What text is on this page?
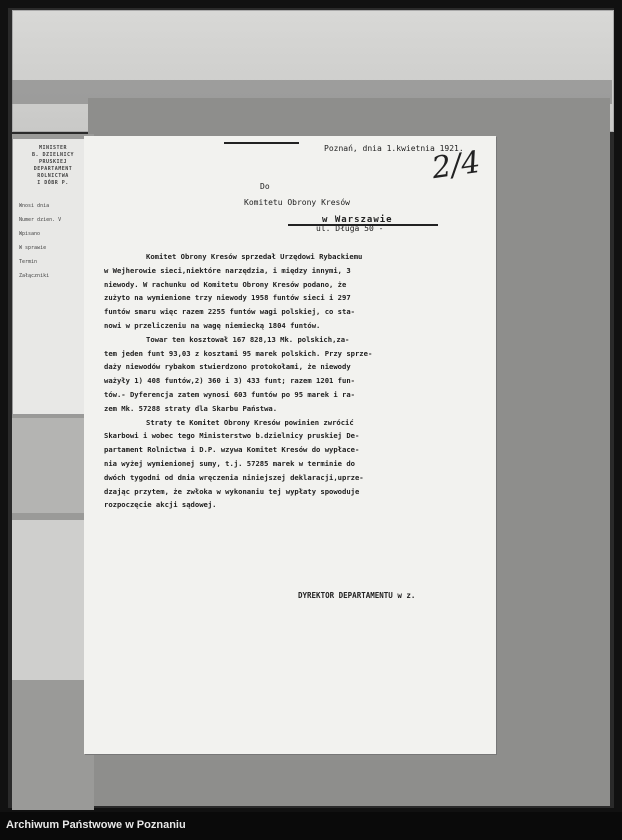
MINISTER
B. DZIELNICY
PRUSKIEJ
DEPARTAMENT
ROLNICTWA
I DÓBR P.
Wnosi dnia
Numer dzien. V
Wpisano
W sprawie
Termin
Załączniki
Poznań, dnia 1.kwietnia 1921.
2/4
Do
Komitetu Obrony Kresów
w Warszawie
ul. Długa 50 -
Komitet Obrony Kresów sprzedał Urzędowi Rybackiemu
w Wejherowie sieci,niektóre narzędzia, i między innymi, 3
niewody. W rachunku od Komitetu Obrony Kresów podano, że
zużyto na wymienione trzy niewody 1958 funtów sieci i 297
funtów smaru więc razem 2255 funtów wagi polskiej, co sta-
nowi w przeliczeniu na wagę niemiecką 1804 funtów.
Towar ten kosztował 167 828,13 Mk. polskich,za-
tem jeden funt 93,03 z kosztami 95 marek polskich. Przy sprze-
daży niewodów rybakom stwierdzono protokołami, że niewody
ważyły 1) 408 funtów,2) 360 i 3) 433 funt; razem 1201 fun-
tów.- Dyferencja zatem wynosi 603 funtów po 95 marek i ra-
zem Mk. 57288 straty dla Skarbu Państwa.
Straty te Komitet Obrony Kresów powinien zwrócić
Skarbowi i wobec tego Ministerstwo b.dzielnicy pruskiej De-
partament Rolnictwa i D.P. wzywa Komitet Kresów do wypłace-
nia wyżej wymienionej sumy, t.j. 57285 marek w terminie do
dwóch tygodni od dnia wręczenia niniejszej deklaracji,uprze-
dzając przytem, że zwłoka w wykonaniu tej wypłaty spowoduje
rozpoczęcie akcji sądowej.
DYREKTOR DEPARTAMENTU w z.
Archiwum Państwowe w Poznaniu
